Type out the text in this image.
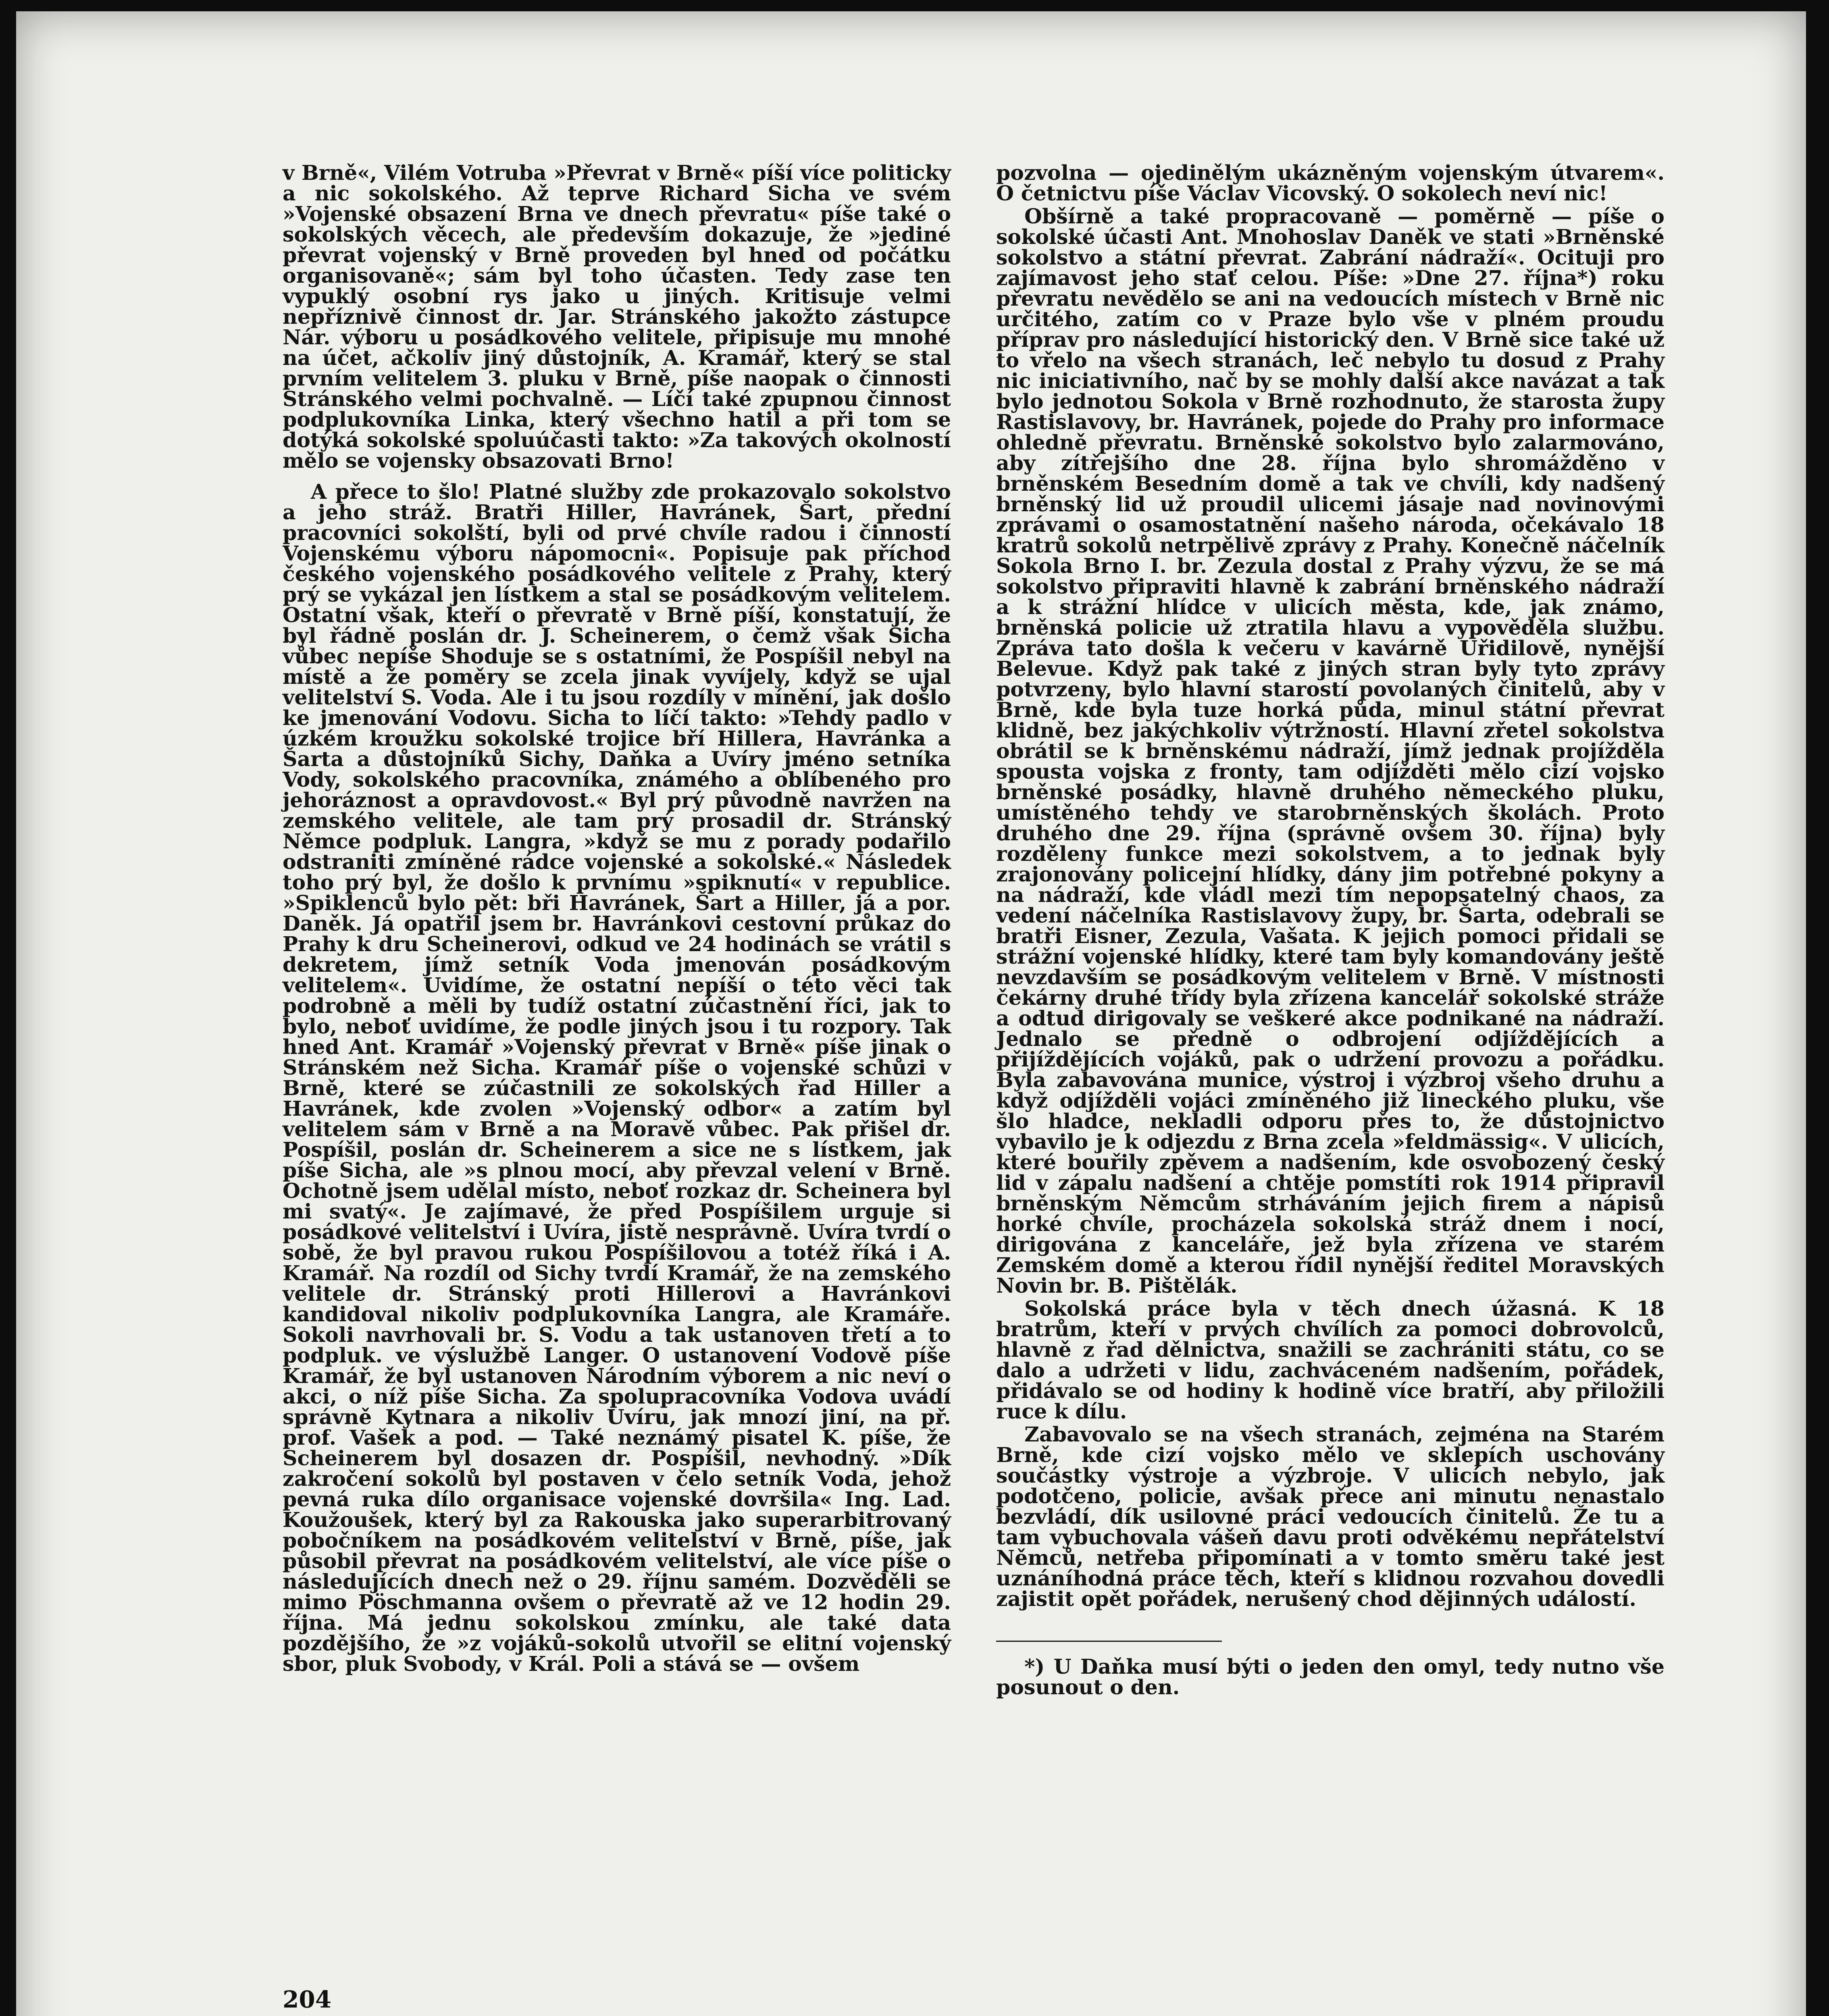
v Brně«, Vilém Votruba »Převrat v Brně« píší více politicky a nic sokolského. Až teprve Richard Sicha ve svém »Vojenské obsazení Brna ve dnech převratu« píše také o sokolských věcech, ale především dokazuje, že »jediné převrat vojenský v Brně proveden byl hned od počátku organisovaně«; sám byl toho účasten. Tedy zase ten vypuklý osobní rys jako u jiných. Kritisuje velmi nepříznivě činnost dr. Jar. Stránského jakožto zástupce Nár. výboru u posádkového velitele, připisuje mu mnohé na účet, ačkoliv jiný důstojník, A. Kramář, který se stal prvním velitelem 3. pluku v Brně, píše naopak o činnosti Stránského velmi pochvalně. — Líčí také zpupnou činnost podplukovníka Linka, který všechno hatil a při tom se dotýká sokolské spoluúčasti takto: »Za takových okolností mělo se vojensky obsazovati Brno!

A přece to šlo! Platné služby zde prokazovalo sokolstvo a jeho stráž. Bratři Hiller, Havránek, Šart, přední pracovníci sokolští, byli od prvé chvíle radou i činností Vojenskému výboru nápomocni«. Popisuje pak příchod českého vojenského posádkového velitele z Prahy, který prý se vykázal jen lístkem a stal se posádkovým velitelem. Ostatní však, kteří o převratě v Brně píší, konstatují, že byl řádně poslán dr. J. Scheinerem, o čemž však Sicha vůbec nepíše Shoduje se s ostatními, že Pospíšil nebyl na místě a že poměry se zcela jinak vyvíjely, když se ujal velitelství S. Voda. Ale i tu jsou rozdíly v mínění, jak došlo ke jmenování Vodovu. Sicha to líčí takto: »Tehdy padlo v úzkém kroužku sokolské trojice bří Hillera, Havránka a Šarta a důstojníků Sichy, Daňka a Uvíry jméno setníka Vody, sokolského pracovníka, známého a oblíbeného pro jehoráznost a opravdovost.« Byl prý původně navržen na zemského velitele, ale tam prý prosadil dr. Stránský Němce podpluk. Langra, »když se mu z porady podařilo odstraniti zmíněné rádce vojenské a sokolské.« Následek toho prý byl, že došlo k prvnímu »spiknutí« v republice. »Spiklenců bylo pět: bři Havránek, Šart a Hiller, já a por. Daněk. Já opatřil jsem br. Havránkovi cestovní průkaz do Prahy k dru Scheinerovi, odkud ve 24 hodinách se vrátil s dekretem, jímž setník Voda jmenován posádkovým velitelem«. Uvidíme, že ostatní nepíší o této věci tak podrobně a měli by tudíž ostatní zúčastnění říci, jak to bylo, neboť uvidíme, že podle jiných jsou i tu rozpory. Tak hned Ant. Kramář »Vojenský převrat v Brně« píše jinak o Stránském než Sicha. Kramář píše o vojenské schůzi v Brně, které se zúčastnili ze sokolských řad Hiller a Havránek, kde zvolen »Vojenský odbor« a zatím byl velitelem sám v Brně a na Moravě vůbec. Pak přišel dr. Pospíšil, poslán dr. Scheinerem a sice ne s lístkem, jak píše Sicha, ale »s plnou mocí, aby převzal velení v Brně. Ochotně jsem udělal místo, neboť rozkaz dr. Scheinera byl mi svatý«. Je zajímavé, že před Pospíšilem urguje si posádkové velitelství i Uvíra, jistě nesprávně. Uvíra tvrdí o sobě, že byl pravou rukou Pospíšilovou a totéž říká i A. Kramář. Na rozdíl od Sichy tvrdí Kramář, že na zemského velitele dr. Stránský proti Hillerovi a Havránkovi kandidoval nikoliv podplukovníka Langra, ale Kramáře. Sokoli navrhovali br. S. Vodu a tak ustanoven třetí a to podpluk. ve výslužbě Langer. O ustanovení Vodově píše Kramář, že byl ustanoven Národním výborem a nic neví o akci, o níž píše Sicha. Za spolupracovníka Vodova uvádí správně Kytnara a nikoliv Uvíru, jak mnozí jiní, na př. prof. Vašek a pod. — Také neznámý pisatel K. píše, že Scheinerem byl dosazen dr. Pospíšil, nevhodný. »Dík zakročení sokolů byl postaven v čelo setník Voda, jehož pevná ruka dílo organisace vojenské dovršila« Ing. Lad. Koužoušek, který byl za Rakouska jako superarbitrovaný pobočníkem na posádkovém velitelství v Brně, píše, jak působil převrat na posádkovém velitelství, ale více píše o následujících dnech než o 29. říjnu samém. Dozvěděli se mimo Pöschmanna ovšem o převratě až ve 12 hodin 29. října. Má jednu sokolskou zmínku, ale také data pozdějšího, že »z vojáků-sokolů utvořil se elitní vojenský sbor, pluk Svobody, v Král. Poli a stává se — ovšem

pozvolna — ojedinělým ukázněným vojenským útvarem«. O četnictvu píše Václav Vicovský. O sokolech neví nic!

Obšírně a také propracovaně — poměrně — píše o sokolské účasti Ant. Mnohoslav Daněk ve stati »Brněnské sokolstvo a státní převrat. Zabrání nádraží«. Ocituji pro zajímavost jeho stať celou. Píše: »Dne 27. října*) roku převratu nevědělo se ani na vedoucích místech v Brně nic určitého, zatím co v Praze bylo vše v plném proudu příprav pro následující historický den. V Brně sice také už to vřelo na všech stranách, leč nebylo tu dosud z Prahy nic iniciativního, nač by se mohly další akce navázat a tak bylo jednotou Sokola v Brně rozhodnuto, že starosta župy Rastislavovy, br. Havránek, pojede do Prahy pro informace ohledně převratu. Brněnské sokolstvo bylo zalarmováno, aby zítřejšího dne 28. října bylo shromážděno v brněnském Besedním domě a tak ve chvíli, kdy nadšený brněnský lid už proudil ulicemi jásaje nad novinovými zprávami o osamostatnění našeho národa, očekávalo 18 kratrů sokolů netrpělivě zprávy z Prahy. Konečně náčelník Sokola Brno I. br. Zezula dostal z Prahy výzvu, že se má sokolstvo připraviti hlavně k zabrání brněnského nádraží a k strážní hlídce v ulicích města, kde, jak známo, brněnská policie už ztratila hlavu a vypověděla službu. Zpráva tato došla k večeru v kavárně Uřidilově, nynější Belevue. Když pak také z jiných stran byly tyto zprávy potvrzeny, bylo hlavní starostí povolaných činitelů, aby v Brně, kde byla tuze horká půda, minul státní převrat klidně, bez jakýchkoliv výtržností. Hlavní zřetel sokolstva obrátil se k brněnskému nádraží, jímž jednak projížděla spousta vojska z fronty, tam odjížděti mělo cizí vojsko brněnské posádky, hlavně druhého německého pluku, umístěného tehdy ve starobrněnských školách. Proto druhého dne 29. října (správně ovšem 30. října) byly rozděleny funkce mezi sokolstvem, a to jednak byly zrajonovány policejní hlídky, dány jim potřebné pokyny a na nádraží, kde vládl mezi tím nepopsatelný chaos, za vedení náčelníka Rastislavovy župy, br. Šarta, odebrali se bratři Eisner, Zezula, Vašata. K jejich pomoci přidali se strážní vojenské hlídky, které tam byly komandovány ještě nevzdavším se posádkovým velitelem v Brně. V místnosti čekárny druhé třídy byla zřízena kancelář sokolské stráže a odtud dirigovaly se veškeré akce podnikané na nádraží. Jednalo se předně o odbrojení odjíždějících a přijíždějících vojáků, pak o udržení provozu a pořádku. Byla zabavována munice, výstroj i výzbroj všeho druhu a když odjížděli vojáci zmíněného již lineckého pluku, vše šlo hladce, nekladli odporu přes to, že důstojnictvo vybavilo je k odjezdu z Brna zcela »feldmässig«. V ulicích, které bouřily zpěvem a nadšením, kde osvobozený český lid v zápalu nadšení a chtěje pomstíti rok 1914 připravil brněnským Němcům strháváním jejich firem a nápisů horké chvíle, procházela sokolská stráž dnem i nocí, dirigována z kanceláře, jež byla zřízena ve starém Zemském domě a kterou řídil nynější ředitel Moravských Novin br. B. Pištělák.

Sokolská práce byla v těch dnech úžasná. K 18 bratrům, kteří v prvých chvílích za pomoci dobrovolců, hlavně z řad dělnictva, snažili se zachrániti státu, co se dalo a udržeti v lidu, zachváceném nadšením, pořádek, přidávalo se od hodiny k hodině více bratří, aby přiložili ruce k dílu.

Zabavovalo se na všech stranách, zejména na Starém Brně, kde cizí vojsko mělo ve sklepích uschovány součástky výstroje a výzbroje. V ulicích nebylo, jak podotčeno, policie, avšak přece ani minutu nenastalo bezvládí, dík usilovné práci vedoucích činitelů. Že tu a tam vybuchovala vášeň davu proti odvěkému nepřátelství Němců, netřeba připomínati a v tomto směru také jest uznáníhodná práce těch, kteří s klidnou rozvahou dovedli zajistit opět pořádek, nerušený chod dějinných událostí.

*) U Daňka musí býti o jeden den omyl, tedy nutno vše posunout o den.

204
